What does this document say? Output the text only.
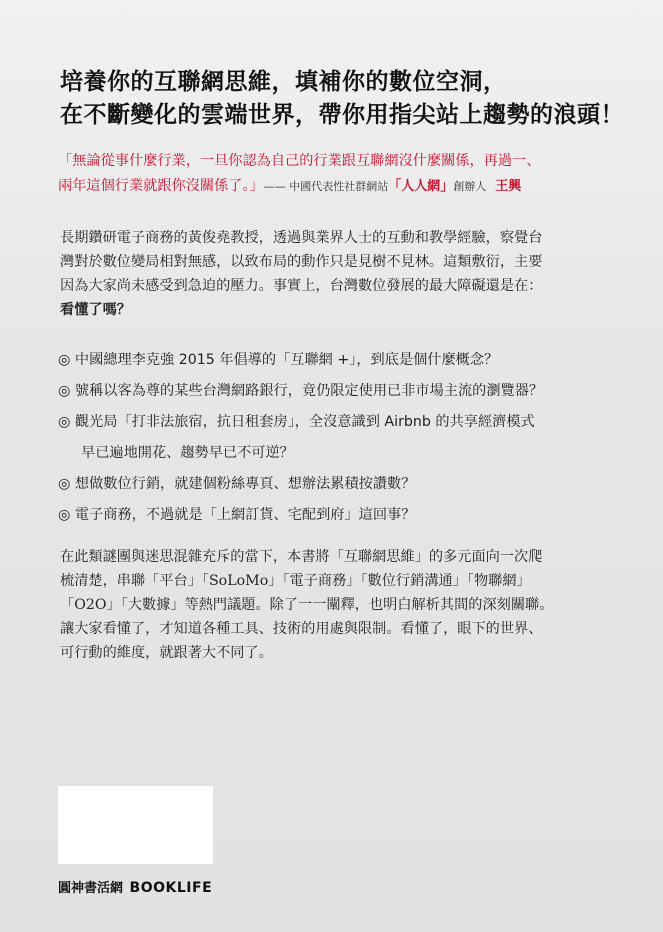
培養你的互聯網思維，填補你的數位空洞，
在不斷變化的雲端世界，帶你用指尖站上趨勢的浪頭！
「無論從事什麼行業，一旦你認為自己的行業跟互聯網沒什麼關係，再過一、
兩年這個行業就跟你沒關係了。」—— 中國代表性社群網站「人人網」創辦人 王興
長期鑽研電子商務的黃俊堯教授，透過與業界人士的互動和教學經驗，察覺台
灣對於數位變局相對無感，以致布局的動作只是見樹不見林。這類敷衍，主要
因為大家尚未感受到急迫的壓力。事實上，台灣數位發展的最大障礙還是在：
看懂了嗎？
◎ 中國總理李克強 2015 年倡導的「互聯網 +」，到底是個什麼概念？
◎ 號稱以客為尊的某些台灣網路銀行，竟仍限定使用已非市場主流的瀏覽器？
◎ 觀光局「打非法旅宿，抗日租套房」，全沒意識到 Airbnb 的共享經濟模式
早已遍地開花、趨勢早已不可逆？
◎ 想做數位行銷，就建個粉絲專頁、想辦法累積按讚數？
◎ 電子商務，不過就是「上網訂貨、宅配到府」這回事？
在此類謎團與迷思混雜充斥的當下，本書將「互聯網思維」的多元面向一次爬
梳清楚，串聯「平台」「SoLoMo」「電子商務」「數位行銷溝通」「物聯網」
「O2O」「大數據」等熱門議題。除了一一闡釋，也明白解析其間的深刻關聯。
讓大家看懂了，才知道各種工具、技術的用處與限制。看懂了，眼下的世界、
可行動的維度，就跟著大不同了。
圓神書活網 BOOKLIFE
